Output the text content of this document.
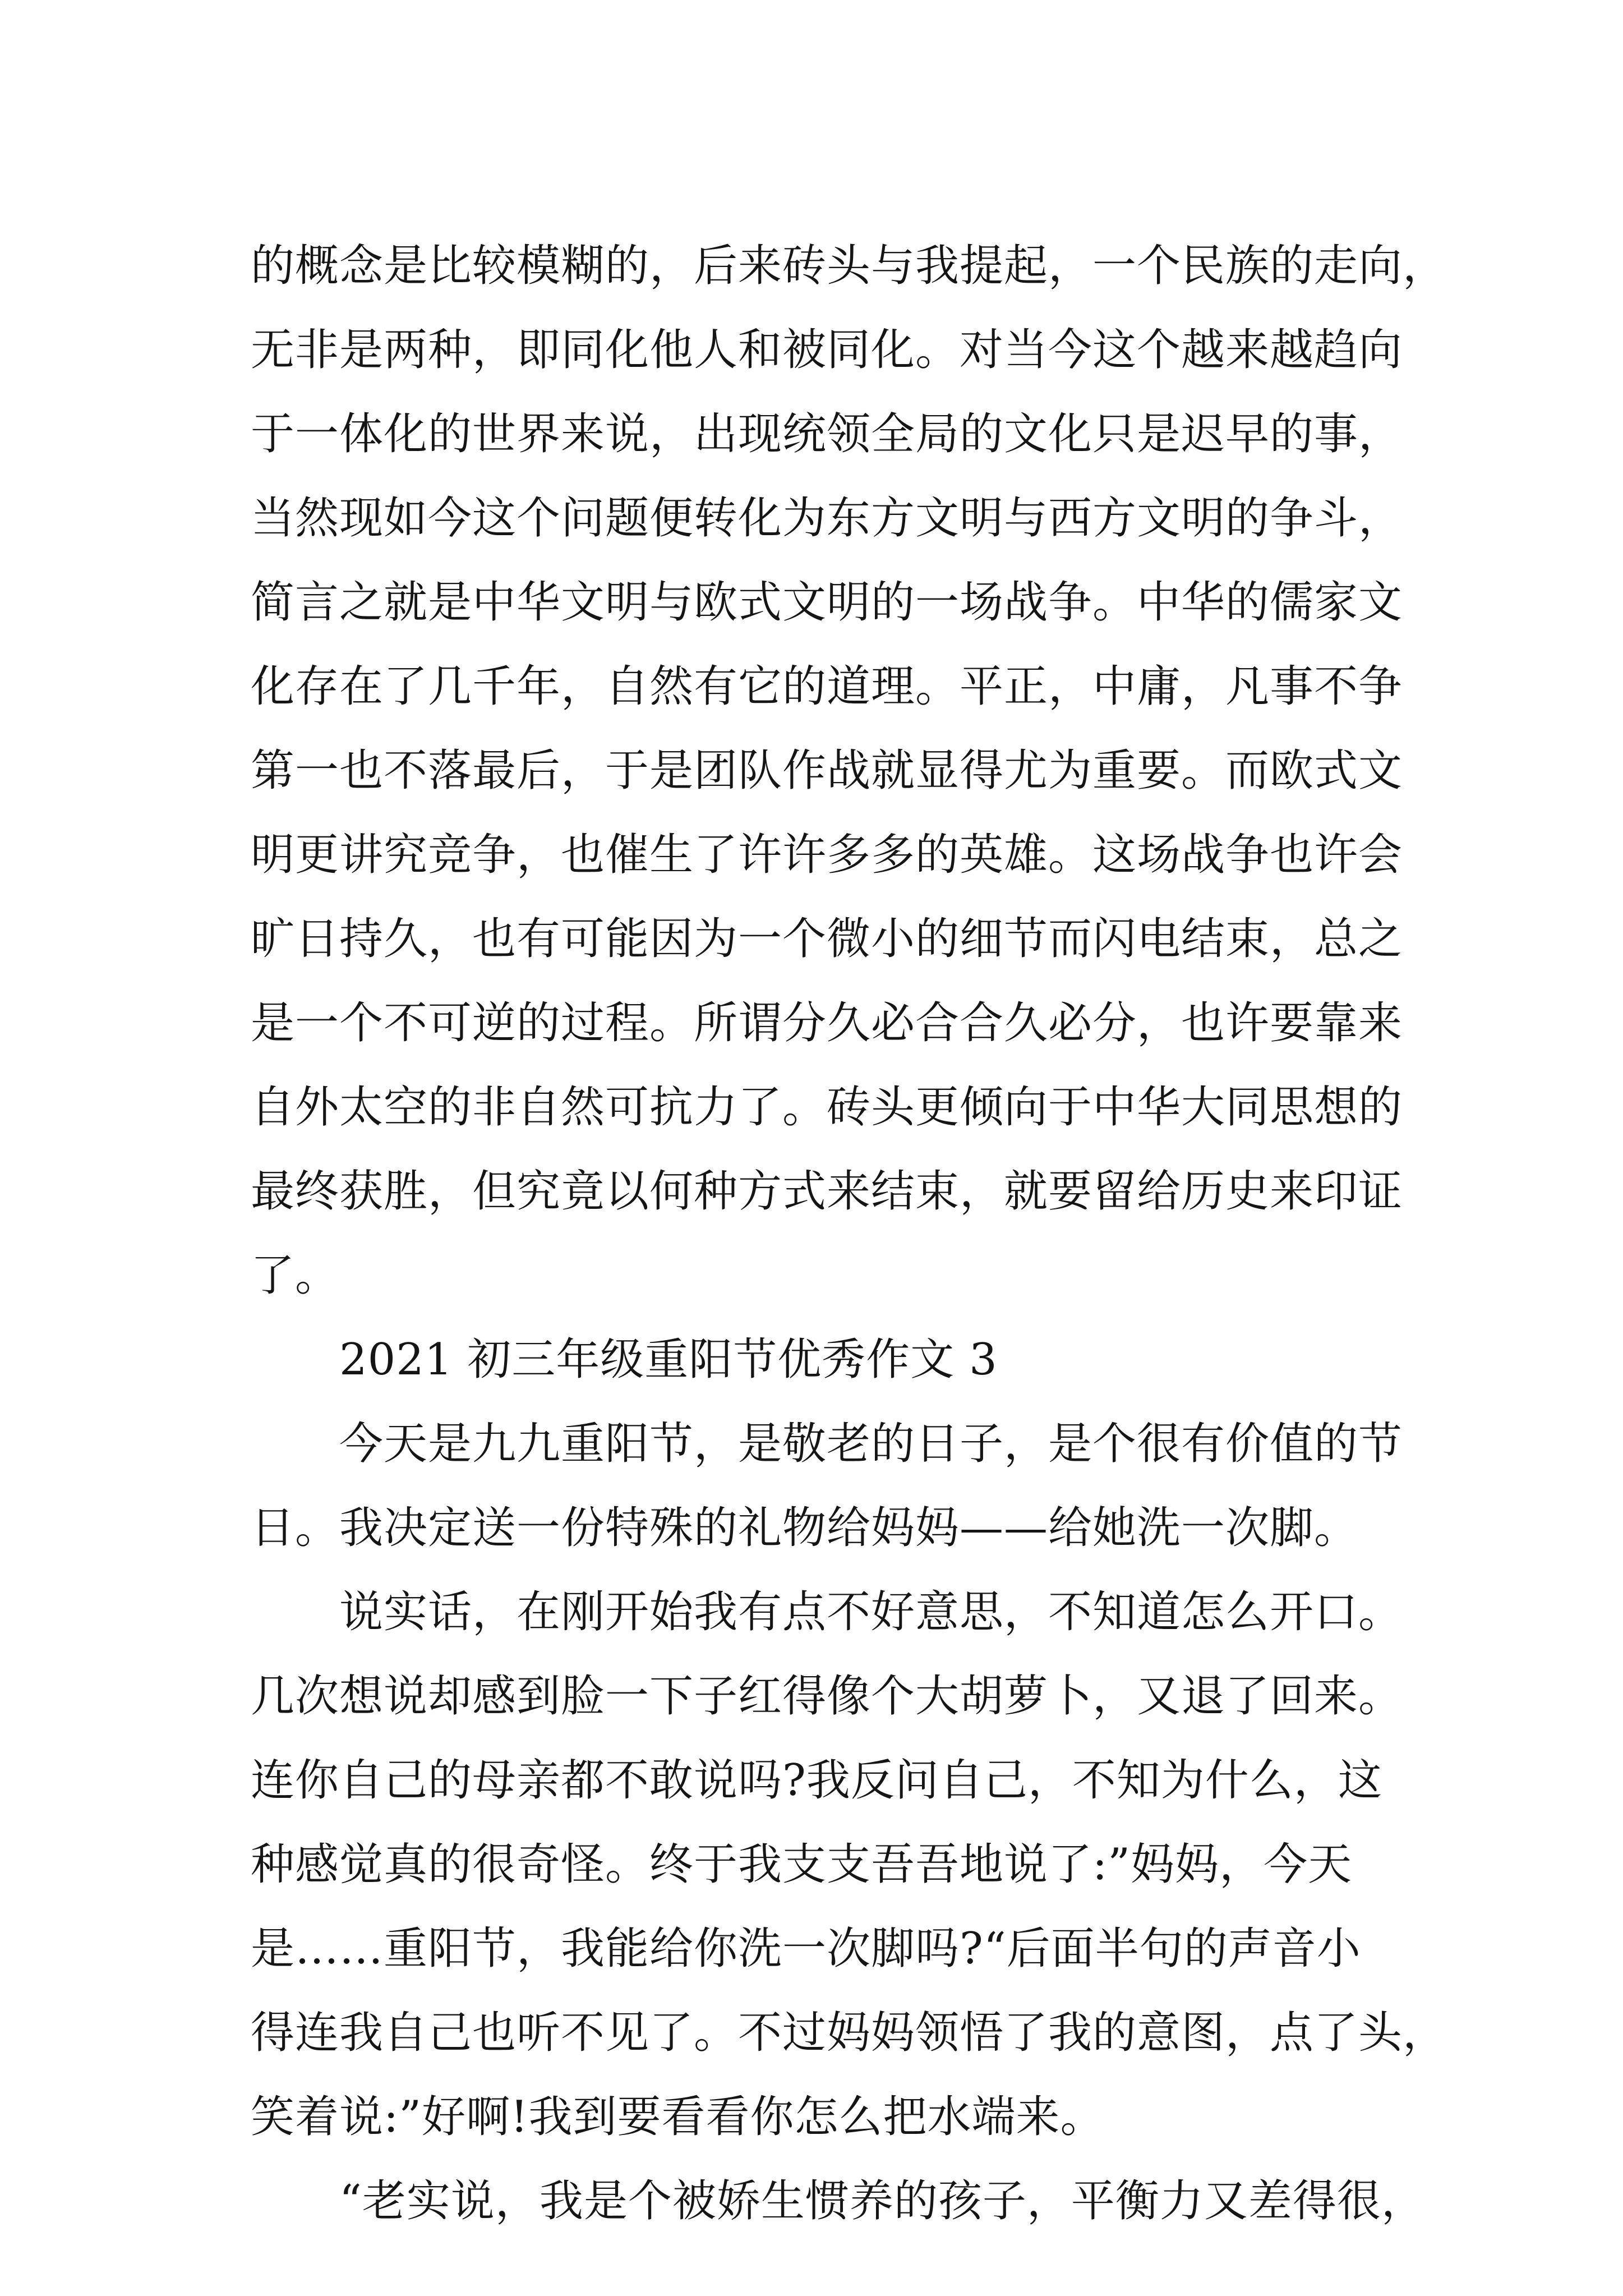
的概念是比较模糊的，后来砖头与我提起，一个民族的走向，
无非是两种，即同化他人和被同化。对当今这个越来越趋向
于一体化的世界来说，出现统领全局的文化只是迟早的事，
当然现如今这个问题便转化为东方文明与西方文明的争斗，
简言之就是中华文明与欧式文明的一场战争。中华的儒家文
化存在了几千年，自然有它的道理。平正，中庸，凡事不争
第一也不落最后，于是团队作战就显得尤为重要。而欧式文
明更讲究竞争，也催生了许许多多的英雄。这场战争也许会
旷日持久，也有可能因为一个微小的细节而闪电结束，总之
是一个不可逆的过程。所谓分久必合合久必分，也许要靠来
自外太空的非自然可抗力了。砖头更倾向于中华大同思想的
最终获胜，但究竟以何种方式来结束，就要留给历史来印证
了。
2021 初三年级重阳节优秀作文 3
今天是九九重阳节，是敬老的日子，是个很有价值的节
日。我决定送一份特殊的礼物给妈妈——给她洗一次脚。
说实话，在刚开始我有点不好意思，不知道怎么开口。
几次想说却感到脸一下子红得像个大胡萝卜，又退了回来。
连你自己的母亲都不敢说吗?我反问自己，不知为什么，这
种感觉真的很奇怪。终于我支支吾吾地说了:”妈妈，今天
是……重阳节，我能给你洗一次脚吗?“后面半句的声音小
得连我自己也听不见了。不过妈妈领悟了我的意图，点了头，
笑着说:”好啊!我到要看看你怎么把水端来。
“老实说，我是个被娇生惯养的孩子，平衡力又差得很，
